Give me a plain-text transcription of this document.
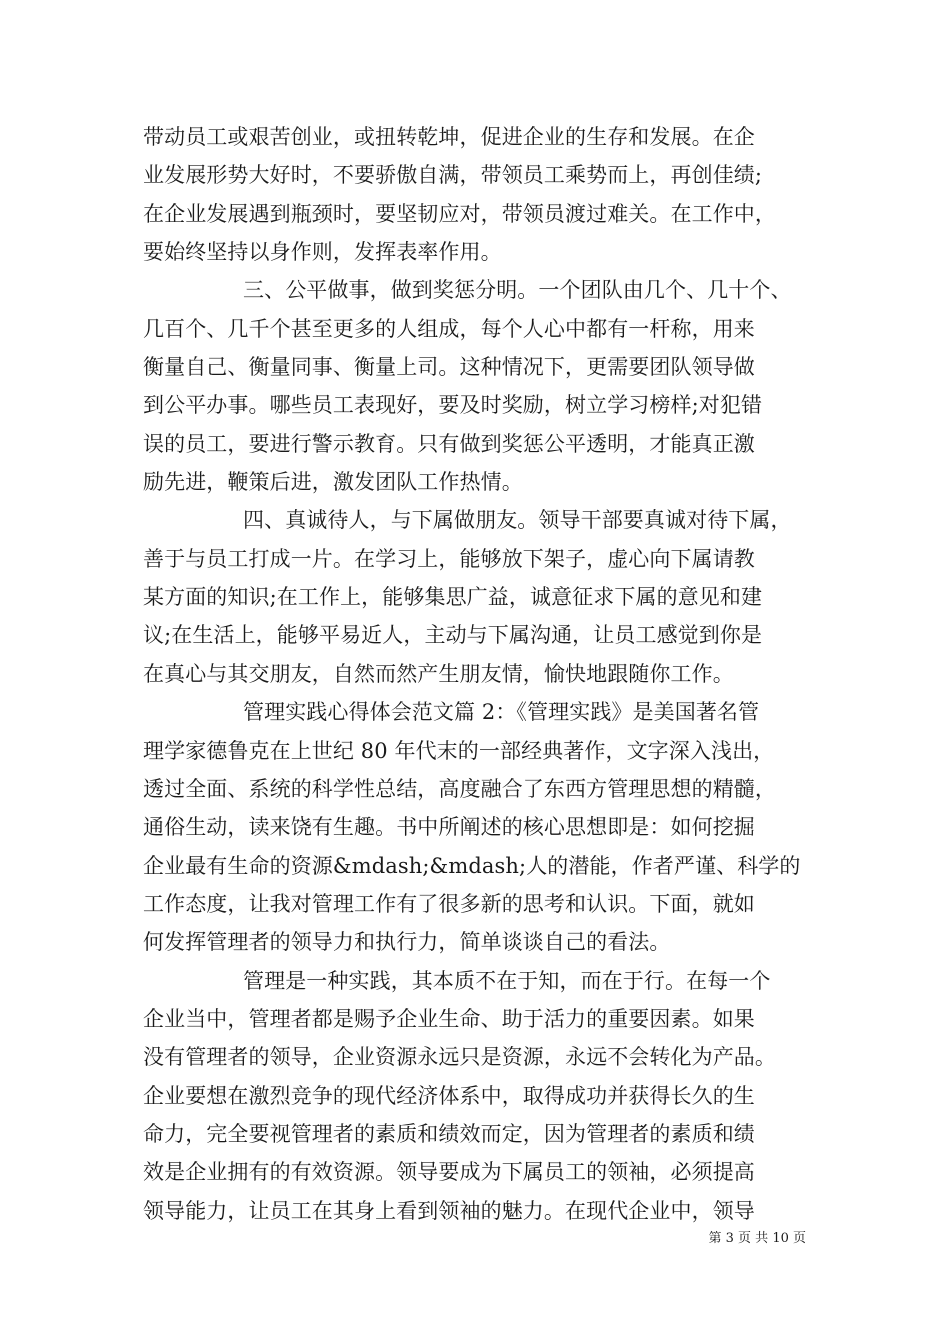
带动员工或艰苦创业，或扭转乾坤，促进企业的生存和发展。在企
业发展形势大好时，不要骄傲自满，带领员工乘势而上，再创佳绩;
在企业发展遇到瓶颈时，要坚韧应对，带领员渡过难关。在工作中，
要始终坚持以身作则，发挥表率作用。
三、公平做事，做到奖惩分明。一个团队由几个、几十个、
几百个、几千个甚至更多的人组成，每个人心中都有一杆称，用来
衡量自己、衡量同事、衡量上司。这种情况下，更需要团队领导做
到公平办事。哪些员工表现好，要及时奖励，树立学习榜样;对犯错
误的员工，要进行警示教育。只有做到奖惩公平透明，才能真正激
励先进，鞭策后进，激发团队工作热情。
四、真诚待人，与下属做朋友。领导干部要真诚对待下属，
善于与员工打成一片。在学习上，能够放下架子，虚心向下属请教
某方面的知识;在工作上，能够集思广益，诚意征求下属的意见和建
议;在生活上，能够平易近人，主动与下属沟通，让员工感觉到你是
在真心与其交朋友，自然而然产生朋友情，愉快地跟随你工作。
管理实践心得体会范文篇 2：《管理实践》是美国著名管
理学家德鲁克在上世纪 80 年代末的一部经典著作，文字深入浅出，
透过全面、系统的科学性总结，高度融合了东西方管理思想的精髓，
通俗生动，读来饶有生趣。书中所阐述的核心思想即是：如何挖掘
企业最有生命的资源&mdash;&mdash;人的潜能，作者严谨、科学的
工作态度，让我对管理工作有了很多新的思考和认识。下面，就如
何发挥管理者的领导力和执行力，简单谈谈自己的看法。
管理是一种实践，其本质不在于知，而在于行。在每一个
企业当中，管理者都是赐予企业生命、助于活力的重要因素。如果
没有管理者的领导，企业资源永远只是资源，永远不会转化为产品。
企业要想在激烈竞争的现代经济体系中，取得成功并获得长久的生
命力，完全要视管理者的素质和绩效而定，因为管理者的素质和绩
效是企业拥有的有效资源。领导要成为下属员工的领袖，必须提高
领导能力，让员工在其身上看到领袖的魅力。在现代企业中，领导
第 3 页 共 10 页
